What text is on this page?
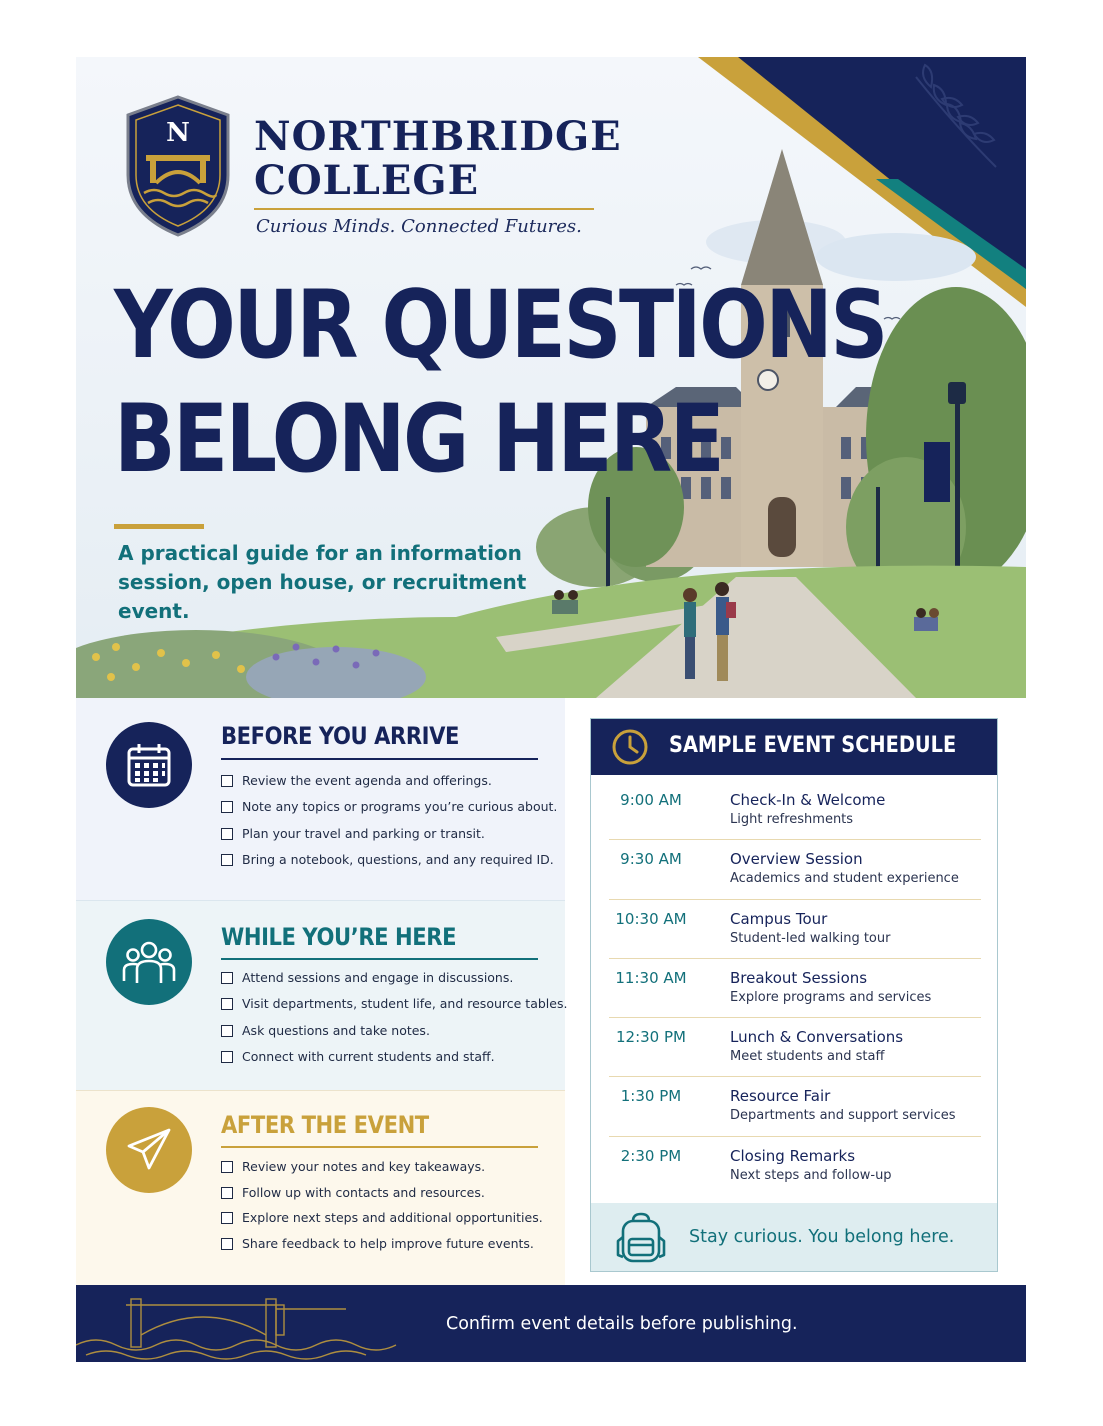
N NORTHBRIDGE
COLLEGE
Curious Minds. Connected Futures.
YOUR QUESTIONS
BELONG HERE
A practical guide for an information session, open house, or recruitment event.
BEFORE YOU ARRIVE
Review the event agenda and offerings.
Note any topics or programs you’re curious about.
Plan your travel and parking or transit.
Bring a notebook, questions, and any required ID.
WHILE YOU’RE HERE
Attend sessions and engage in discussions.
Visit departments, student life, and resource tables.
Ask questions and take notes.
Connect with current students and staff.
AFTER THE EVENT
Review your notes and key takeaways.
Follow up with contacts and resources.
Explore next steps and additional opportunities.
Share feedback to help improve future events.
SAMPLE EVENT SCHEDULE
9:00 AM	Check-In & Welcome
Light refreshments
9:30 AM	Overview Session
Academics and student experience
10:30 AM	Campus Tour
Student-led walking tour
11:30 AM	Breakout Sessions
Explore programs and services
12:30 PM	Lunch & Conversations
Meet students and staff
1:30 PM	Resource Fair
Departments and support services
2:30 PM	Closing Remarks
Next steps and follow-up
Stay curious. You belong here.
Confirm event details before publishing.
